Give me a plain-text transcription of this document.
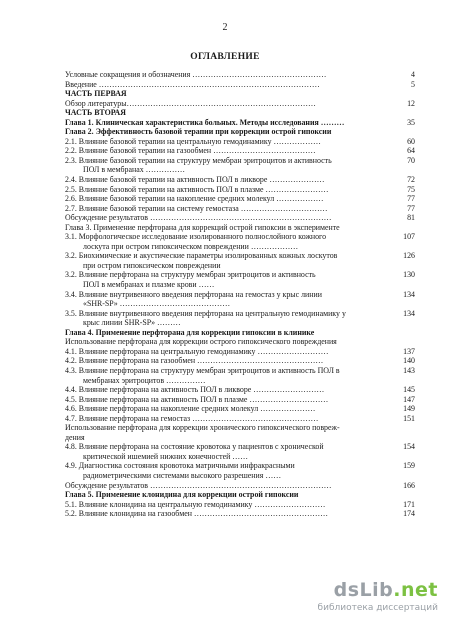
2
ОГЛАВЛЕНИЕ
Условные сокращения и обозначения ……………………………………………	4
Введение …………………………………………………………………………	5
ЧАСТЬ ПЕРВАЯ
Обзор литературы………………………………………………………………	12
ЧАСТЬ ВТОРАЯ
Глава 1. Клиническая характеристика больных. Методы исследования ………	35
Глава 2. Эффективность базовой терапии при коррекции острой гипоксии
2.1. Влияние базовой терапии на центральную гемодинамику ………………	60
2.2. Влияние базовой терапии на газообмен …………………………………	64
2.3. Влияние базовой терапии на структуру мембран эритроцитов и активность	70
ПОЛ в мембранах ……………
2.4. Влияние базовой терапии на активность ПОЛ в ликворе …………………	72
2.5. Влияние базовой терапии на активность ПОЛ в плазме ……………………	75
2.6. Влияние базовой терапии на накопление средних молекул ………………	77
2.7. Влияние базовой терапии на систему гемостаза ……………………………	77
Обсуждение результатов ……………………………………………………………	81
Глава 3. Применение перфторана для коррекций острой гипоксии в эксперименте
3.1. Морфологическое исследование изолированного полнослойного кожного	107
лоскута при остром гипоксическом повреждении ………………
3.2. Биохимические и акустические параметры изолированных кожных лоскутов	126
при остром гипоксическом повреждении
3.2. Влияние перфторана на структуру мембран эритроцитов и активность	130
ПОЛ в мембранах и плазме крови ……
3.4. Влияние внутривенного введения перфторана на гемостаз у крыс линии	134
«SHR-SP» ……………………………………
3.5. Влияние внутривенного введения перфторана на центральную гемодинамику у	134
крыс линии SHR-SP» ………
Глава 4. Применение перфторана для коррекции гипоксии в клинике
Использование перфторана для коррекции острого гипоксического повреждения
4.1. Влияние перфторана на центральную гемодинамику ………………………	137
4.2. Влияние перфторана на газообмен …………………………………………	140
4.3. Влияние перфторана на структуру мембран эритроцитов и активность ПОЛ в	143
мембранах эритроцитов ……………
4.4. Влияние перфторана на активность ПОЛ в ликворе ………………………	145
4.5. Влияние перфторана на активность ПОЛ в плазме …………………………	147
4.6. Влияние перфторана на накопление средних молекул …………………	149
4.7. Влияние перфторана на гемостаз …………………………………………	151
Использование перфторана для коррекции хронического гипоксического повреж-
дения
4.8. Влияние перфторана на состояние кровотока у пациентов с хронической	154
критической ишемией нижних конечностей ……
4.9. Диагностика состояния кровотока матричными инфракрасными	159
радиометрическими системами высокого разрешения ……
Обсуждение результатов ……………………………………………………………	166
Глава 5. Применение клонидина для коррекции острой гипоксии
5.1. Влияние клонидина на центральную гемодинамику ………………………	171
5.2. Влияние клонидина на газообмен ……………………………………………	174
dsLib.net
библиотека диссертаций
